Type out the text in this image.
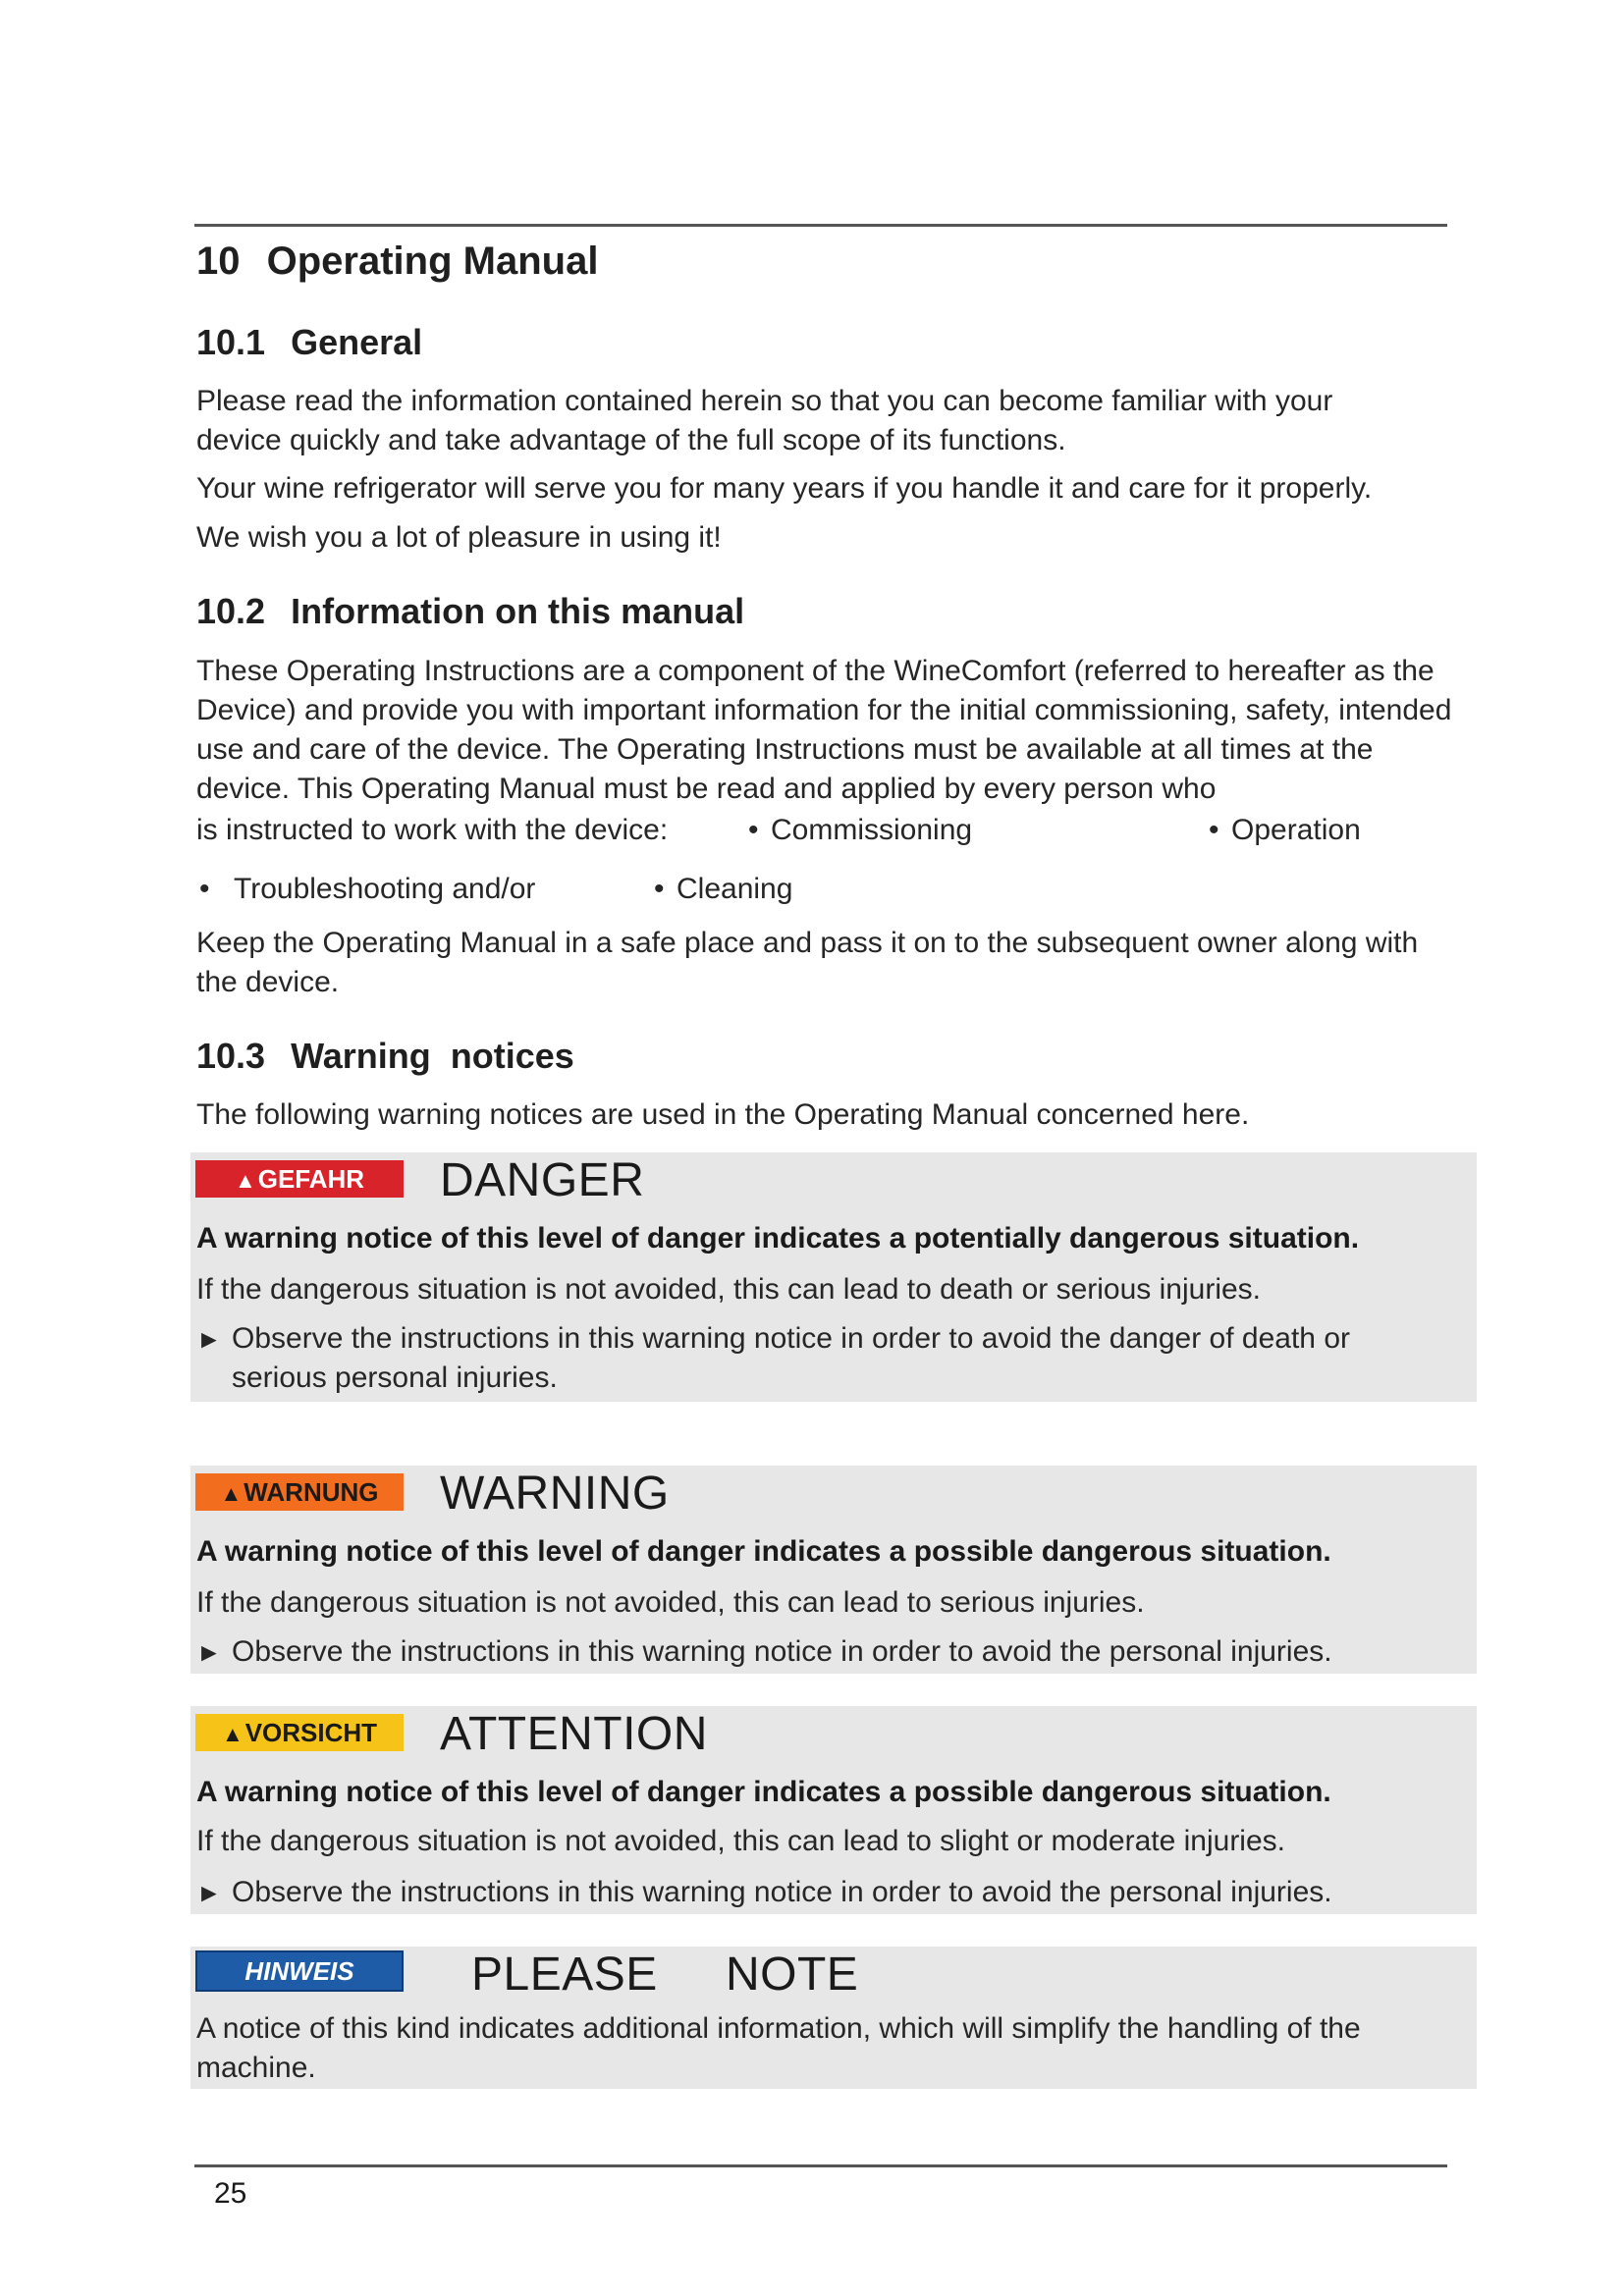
10 Operating Manual
10.1 General

Please read the information contained herein so that you can become familiar with your device quickly and take advantage of the full scope of its functions.

Your wine refrigerator will serve you for many years if you handle it and care for it properly.

We wish you a lot of pleasure in using it!

10.2 Information on this manual

These Operating Instructions are a component of the WineComfort (referred to hereafter as the Device) and provide you with important information for the initial commissioning, safety, intended use and care of the device. The Operating Instructions must be available at all times at the device. This Operating Manual must be read and applied by every person who

is instructed to work with the device:	• Commissioning	• Operation
• Troubleshooting and/or	• Cleaning

Keep the Operating Manual in a safe place and pass it on to the subsequent owner along with the device.

10.3 Warning  notices

The following warning notices are used in the Operating Manual concerned here.

▲GEFAHR	DANGER
A warning notice of this level of danger indicates a potentially dangerous situation.
If the dangerous situation is not avoided, this can lead to death or serious injuries.
► Observe the instructions in this warning notice in order to avoid the danger of death or serious personal injuries.
▲WARNUNG	WARNING
A warning notice of this level of danger indicates a possible dangerous situation.
If the dangerous situation is not avoided, this can lead to serious injuries.
► Observe the instructions in this warning notice in order to avoid the personal injuries.
▲VORSICHT	ATTENTION
A warning notice of this level of danger indicates a possible dangerous situation.
If the dangerous situation is not avoided, this can lead to slight or moderate injuries.
► Observe the instructions in this warning notice in order to avoid the personal injuries.
HINWEIS	PLEASE     NOTE
A notice of this kind indicates additional information, which will simplify the handling of the machine.
25
